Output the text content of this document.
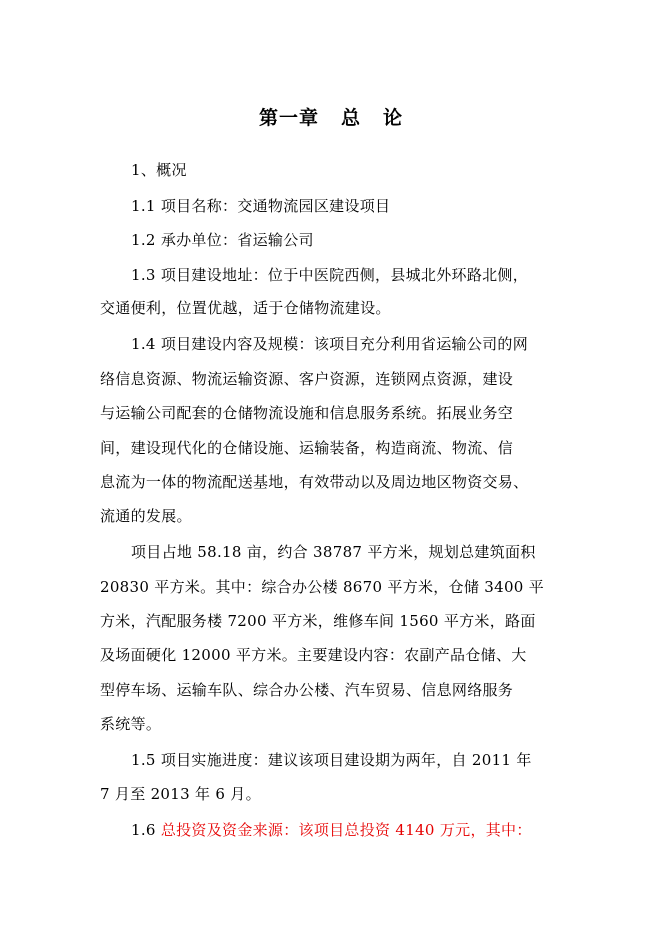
第一章 总 论
1、概况
1.1 项目名称：交通物流园区建设项目
1.2 承办单位：省运输公司
1.3 项目建设地址：位于中医院西侧，县城北外环路北侧，
交通便利，位置优越，适于仓储物流建设。
1.4 项目建设内容及规模：该项目充分利用省运输公司的网
络信息资源、物流运输资源、客户资源，连锁网点资源，建设
与运输公司配套的仓储物流设施和信息服务系统。拓展业务空
间，建设现代化的仓储设施、运输装备，构造商流、物流、信
息流为一体的物流配送基地，有效带动以及周边地区物资交易、
流通的发展。
项目占地 58.18 亩，约合 38787 平方米，规划总建筑面积
20830 平方米。其中：综合办公楼 8670 平方米，仓储 3400 平
方米，汽配服务楼 7200 平方米，维修车间 1560 平方米，路面
及场面硬化 12000 平方米。主要建设内容：农副产品仓储、大
型停车场、运输车队、综合办公楼、汽车贸易、信息网络服务
系统等。
1.5 项目实施进度：建议该项目建设期为两年，自 2011 年
7 月至 2013 年 6 月。
1.6 总投资及资金来源：该项目总投资 4140 万元，其中：
